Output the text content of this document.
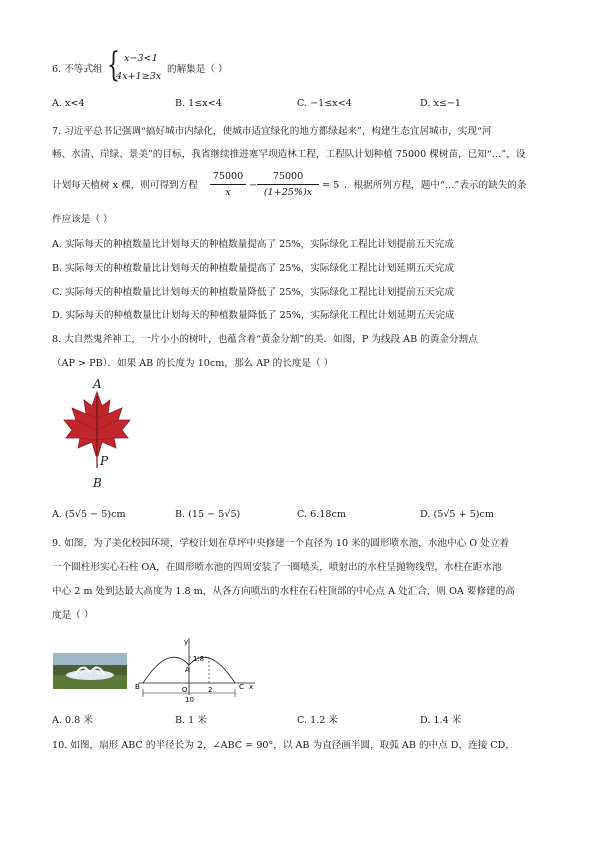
6. 不等式组 { x−3<1
4x+1≥3x
的解集是（ ）
A. x<4	B. 1≤x<4	C. −1≤x<4	D. x≤−1
7. 习近平总书记强调“搞好城市内绿化，使城市适宜绿化的地方都绿起来”，构建生态宜居城市，实现“河
畅、水清、岸绿、景美”的目标，我省继续推进塞罕坝造林工程，工程队计划种植 75000 棵树苗，已知“…”，设
计划每天植树 x 棵，则可得到方程
75000
x
−
75000
(1+25%)x
= 5 ．根据所列方程，题中“…”表示的缺失的条
件应该是（ ）
A. 实际每天的种植数量比计划每天的种植数量提高了 25%，实际绿化工程比计划提前五天完成
B. 实际每天的种植数量比计划每天的种植数量提高了 25%，实际绿化工程比计划延期五天完成
C. 实际每天的种植数量比计划每天的种植数量降低了 25%，实际绿化工程比计划提前五天完成
D. 实际每天的种植数量比计划每天的种植数量降低了 25%，实际绿化工程比计划延期五天完成
8. 大自然鬼斧神工，一片小小的树叶，也蕴含着“黄金分割”的美．如图，P 为线段 AB 的黄金分割点
（AP > PB）．如果 AB 的长度为 10cm，那么 AP 的长度是（ ）
A
P
B
A. (5√5 − 5)cm	B. (15 − 5√5)	C. 6.18cm	D. (5√5 + 5)cm
9. 如图，为了美化校园环境，学校计划在草坪中央修建一个直径为 10 米的圆形喷水池，水池中心 O 处立着
一个圆柱形实心石柱 OA，在圆形喷水池的四周安装了一圈喷头，喷射出的水柱呈抛物线型，水柱在距水池
中心 2 m 处到达最大高度为 1.8 m，从各方向喷出的水柱在石柱顶部的中心点 A 处汇合，则 OA 要修建的高
度是（ ）
y
x
1.8
A
O	2
B	C
10
A. 0.8 米	B. 1 米	C. 1.2 米	D. 1.4 米
10. 如图，扇形 ABC 的半径长为 2，∠ABC = 90°，以 AB 为直径画半圆，取弧 AB 的中点 D，连接 CD，
